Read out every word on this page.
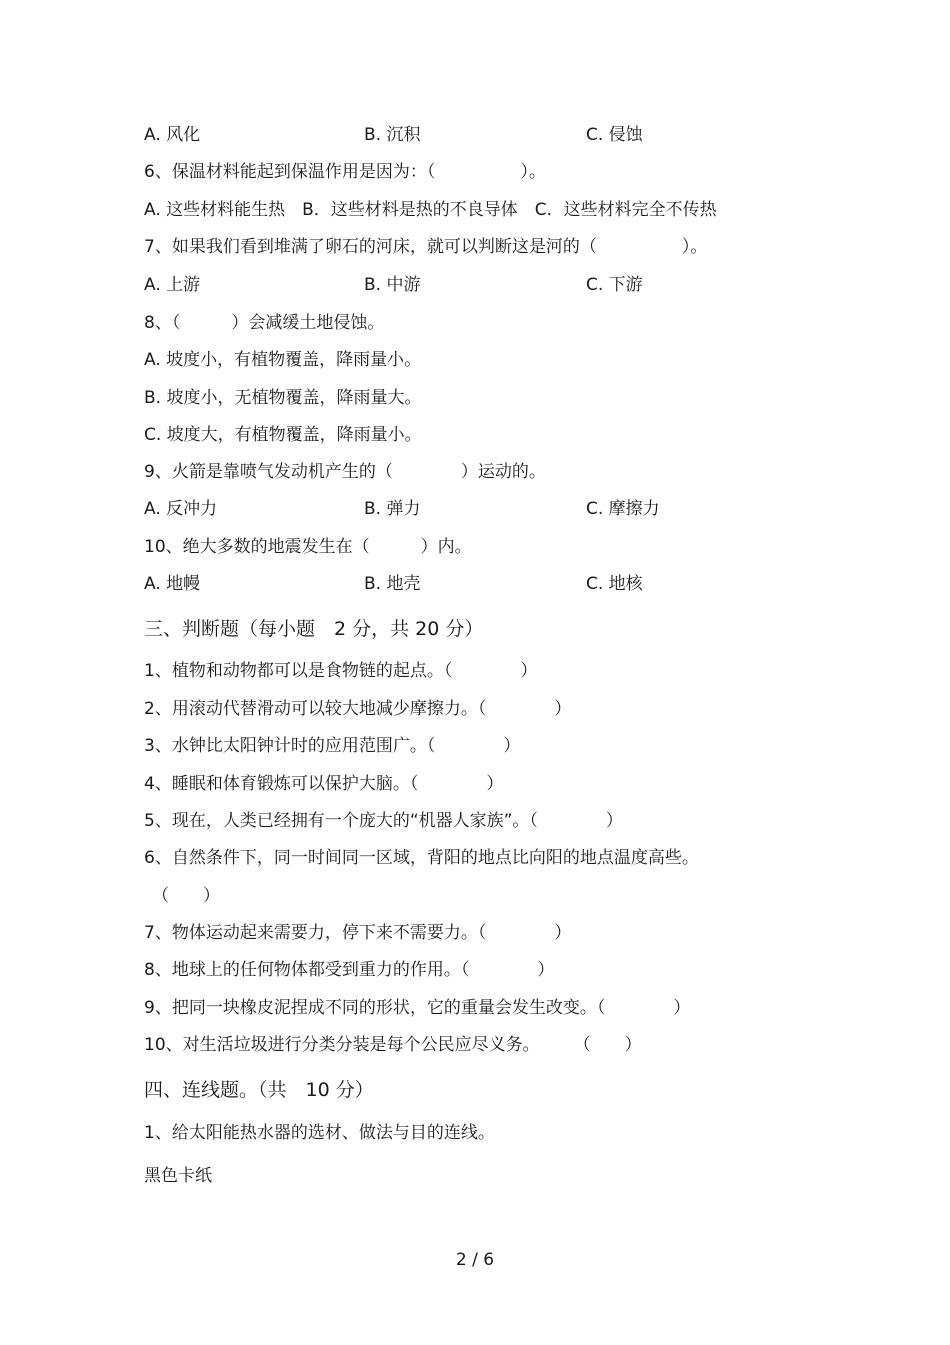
A. 风化	B. 沉积	C. 侵蚀
6、保温材料能起到保温作用是因为：（　　　　　）。
A. 这些材料能生热　B．这些材料是热的不良导体　C．这些材料完全不传热
7、如果我们看到堆满了卵石的河床，就可以判断这是河的（　　　　　）。
A. 上游	B. 中游	C. 下游
8、（　　　）会减缓土地侵蚀。
A. 坡度小，有植物覆盖，降雨量小。
B. 坡度小，无植物覆盖，降雨量大。
C. 坡度大，有植物覆盖，降雨量小。
9、火箭是靠喷气发动机产生的（　　　　）运动的。
A. 反冲力	B. 弹力	C. 摩擦力
10、绝大多数的地震发生在（　　　）内。
A. 地幔	B. 地壳	C. 地核
三、判断题（每小题　2 分，共 20 分）
1、植物和动物都可以是食物链的起点。（　　　　）
2、用滚动代替滑动可以较大地减少摩擦力。（　　　　）
3、水钟比太阳钟计时的应用范围广。（　　　　）
4、睡眠和体育锻炼可以保护大脑。（　　　　）
5、现在，人类已经拥有一个庞大的“机器人家族”。（　　　　）
6、自然条件下，同一时间同一区域，背阳的地点比向阳的地点温度高些。
（　　）
7、物体运动起来需要力，停下来不需要力。（　　　　）
8、地球上的任何物体都受到重力的作用。（　　　　）
9、把同一块橡皮泥捏成不同的形状，它的重量会发生改变。（　　　　）
10、对生活垃圾进行分类分装是每个公民应尽义务。　　　（　　）
四、连线题。（共　10 分）
1、给太阳能热水器的选材、做法与目的连线。
黑色卡纸
2 / 6
